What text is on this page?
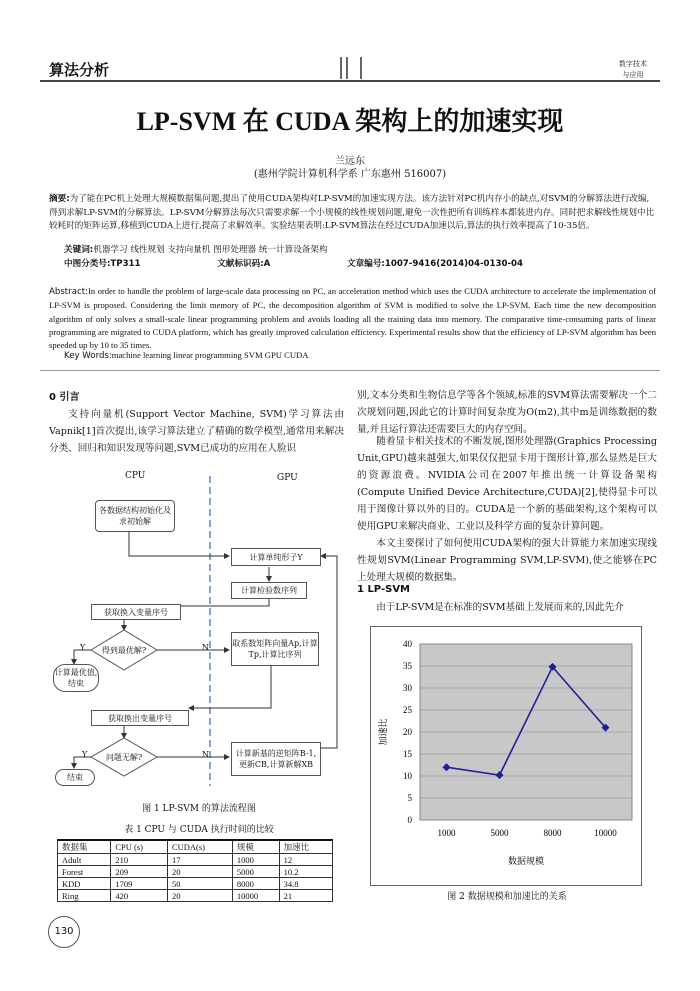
算法分析	数字技术
与应用
LP-SVM 在 CUDA 架构上的加速实现
兰远东
(惠州学院计算机科学系 广东惠州 516007)
摘要:为了能在PC机上处理大规模数据集问题,提出了使用CUDA架构对LP-SVM的加速实现方法。该方法针对PC机内存小的缺点,对SVM的分解算法进行改编,得到求解LP-SVM的分解算法。LP-SVM分解算法每次只需要求解一个小规模的线性规划问题,避免一次性把所有训练样本都装进内存。同时把求解线性规划中比较耗时的矩阵运算,移植到CUDA上进行,提高了求解效率。实验结果表明:LP-SVM算法在经过CUDA加速以后,算法的执行效率提高了10-35倍。
关键词:机器学习 线性规划 支持向量机 图形处理器 统一计算设备架构
中图分类号:TP311	文献标识码:A	文章编号:1007-9416(2014)04-0130-04
Abstract:In order to handle the problem of large-scale data processing on PC, an acceleration method which uses the CUDA architecture to accelerate the implementation of LP-SVM is proposed. Considering the limit memory of PC, the decomposition algorithm of SVM is modified to solve the LP-SVM. Each time the new decomposition algorithm of only solves a small-scale linear programming problem and avoids loading all the training data into memory. The comparative time-consuming parts of linear programming are migrated to CUDA platform, which has greatly improved calculation efficiency. Experimental results show that the efficiency of LP-SVM algorithm has been speeded up by 10 to 35 times.
Key Words:machine learning linear programming SVM GPU CUDA
0 引言
支持向量机(Support Vector Machine, SVM)学习算法由Vapnik[1]首次提出,该学习算法建立了精确的数学模型,通常用来解决分类、回归和知识发现等问题,SVM已成功的应用在人脸识
CPU	GPU
各数据结构初始化及求初始解
计算单纯形子Y
计算检验数序列
获取换入变量序号
得到最优解?
Y	N	取系数矩阵向量Ap,计算Tp,计算比序列
计算最优值,结束
获取换出变量序号
问题无解?
Y	N	计算新基的逆矩阵B-1,更新CB,计算新解XB
结束
图 1 LP-SVM 的算法流程图
表 1 CPU 与 CUDA 执行时间的比较
数据集	CPU (s)	CUDA(s)	规模	加速比
Adult	210	17	1000	12
Forest	209	20	5000	10.2
KDD	1709	50	8000	34.8
Ring	420	20	10000	21
130
别,文本分类和生物信息学等各个领域,标准的SVM算法需要解决一个二次规划问题,因此它的计算时间复杂度为O(m2),其中m是训练数据的数量,并且运行算法还需要巨大的内存空间。
随着显卡相关技术的不断发展,图形处理器(Graphics Processing Unit,GPU)越来越强大,如果仅仅把显卡用于图形计算,那么显然是巨大的资源浪费。NVIDIA公司在2007年推出统一计算设备架构(Compute Unified Device Architecture,CUDA)[2],使得显卡可以用于图像计算以外的目的。CUDA是一个新的基础架构,这个架构可以使用GPU来解决商业、工业以及科学方面的复杂计算问题。
本文主要探讨了如何使用CUDA架构的强大计算能力来加速实现线性规划SVM(Linear Programming SVM,LP-SVM),使之能够在PC上处理大规模的数据集。
1 LP-SVM
由于LP-SVM是在标准的SVM基础上发展而来的,因此先介
0
5
10
15
20
25
30
35
40
1000	5000	8000	10000
数据规模
加速比
图 2 数据规模和加速比的关系
